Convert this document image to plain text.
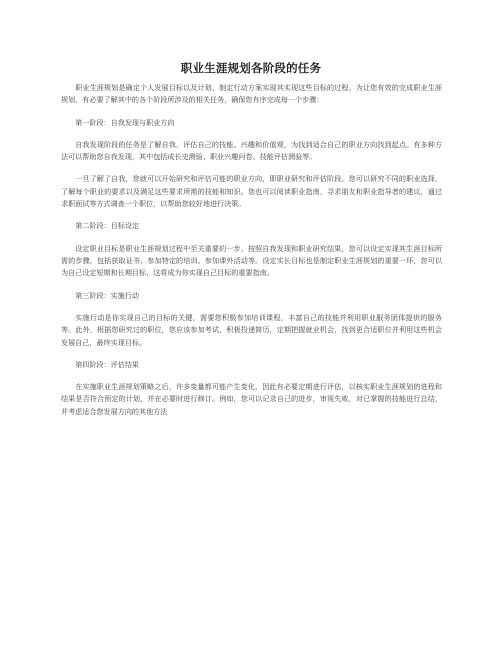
职业生涯规划各阶段的任务

职业生涯规划是确定个人发展目标以及计划、制定行动方案实现其实现这些目标的过程。为让您有效的完成职业生涯规划，有必要了解其中的各个阶段所涉及的相关任务，确保您有序完成每一个步骤：

第一阶段：自我发现与职业方向

自我发现阶段的任务是了解自我，评估自己的技能、兴趣和价值观，为找到适合自己的职业方向找到起点。有多种方法可以帮助您自我发现，其中包括成长史测验、职业兴趣问卷、技能评估测验等。

一旦了解了自我，您就可以开始研究和评估可能的职业方向，即职业研究和评估阶段。您可以研究不同的职业选择，了解每个职业的要求以及满足这些要求所需的技能和知识。您也可以阅读职业指南，寻求朋友和职业指导者的建议，通过求职面试等方式调查一个职位，以帮助您较好地进行决策。

第二阶段：目标设定

设定职业目标是职业生涯规划过程中至关重要的一步。按照自我发现和职业研究结果，您可以设定实现其生涯目标所需的步骤，包括获取证书、参加特定的培训、参加课外活动等。设定实长目标也是制定职业生涯规划的重要一环，您可以为自己设定短期和长期目标，这将成为你实现自己目标的重要指南。

第三阶段：实施行动

实施行动是你实现自己的目标的关键，需要您积极参加培训课程，丰富自己的技能并利用职业服务团体提供的服务等。此外，根据您研究过的职位，您应该参加考试，积极投递简历，定期把握就业机会，找到更合适职位并利用这些机会发展自己，最终实现目标。

第四阶段：评估结果

在实施职业生涯规划策略之后，许多变量都可能产生变化，因此有必要定期进行评估，以核实职业生涯规划的进程和结果是否符合预定的计划，并在必要时进行修订。例如，您可以记录自己的进步，审视失败，对已掌握的技能进行总结，并考虑适合您发展方向的其他方法
